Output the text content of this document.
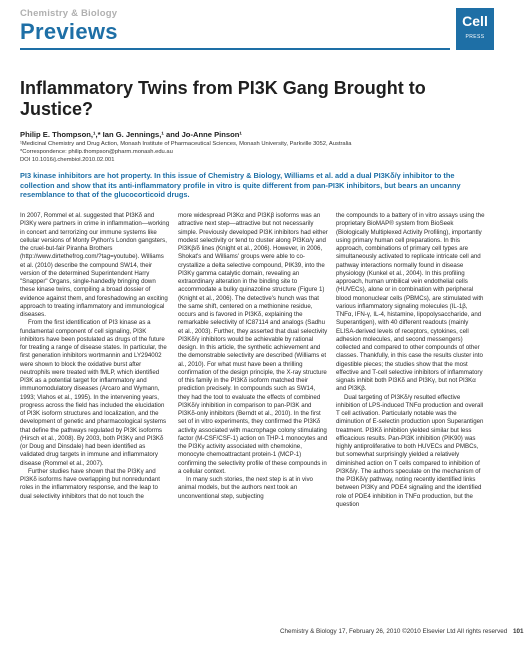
Chemistry & Biology
Previews	Cell
PRESS
Inflammatory Twins from PI3K Gang Brought to Justice?
Philip E. Thompson,¹,* Ian G. Jennings,¹ and Jo-Anne Pinson¹
¹Medicinal Chemistry and Drug Action, Monash Institute of Pharmaceutical Sciences, Monash University, Parkville 3052, Australia
*Correspondence: philip.thompson@pharm.monash.edu.au
DOI 10.1016/j.chembiol.2010.02.001
PI3 kinase inhibitors are hot property. In this issue of Chemistry & Biology, Williams et al. add a dual PI3Kδ/γ inhibitor to the collection and show that its anti-inflammatory profile in vitro is quite different from pan-PI3K inhibitors, but bears an uncanny resemblance to that of the glucocorticoid drugs.

In 2007, Rommel et al. suggested that PI3Kδ and PI3Kγ were partners in crime in inflammation—working in concert and terrorizing our immune systems like cellular versions of Monty Python's London gangsters, the cruel-but-fair Piranha Brothers (http://www.dirtethefrog.com/?tag=youtube). Williams et al. (2010) describe the compound SW14, their version of the determined Superintendent Harry "Snapper" Organs, single-handedly bringing down these kinase twins, compiling a broad dossier of evidence against them, and foreshadowing an exciting approach to treating inflammatory and immunological diseases.

From the first identification of PI3 kinase as a fundamental component of cell signaling, PI3K inhibitors have been postulated as drugs of the future for treating a range of disease states. In particular, the first generation inhibitors wortmannin and LY294002 were shown to block the oxidative burst after neutrophils were treated with fMLP, which identified PI3K as a potential target for inflammatory and immunomodulatory diseases (Arcaro and Wymann, 1993; Vlahos et al., 1995). In the intervening years, progress across the field has included the elucidation of PI3K isoform structures and localization, and the development of genetic and pharmacological systems that define the pathways regulated by PI3K isoforms (Hirsch et al., 2008). By 2003, both PI3Kγ and PI3Kδ (or Doug and Dinsdale) had been identified as validated drug targets in immune and inflammatory disease (Rommel et al., 2007).

Further studies have shown that the PI3Kγ and PI3Kδ isoforms have overlapping but nonredundant roles in the inflammatory response, and the leap to dual selectivity inhibitors that do not touch the

more widespread PI3Kα and PI3Kβ isoforms was an attractive next step—attractive but not necessarily simple. Previously developed PI3K inhibitors had either modest selectivity or tend to cluster along PI3Kα/γ and PI3Kβ/δ lines (Knight et al., 2006). However, in 2006, Shokat's and Williams' groups were able to co-crystallize a delta selective compound, PIK39, into the PI3Kγ gamma catalytic domain, revealing an extraordinary alteration in the binding site to accommodate a bulky quinazoline structure (Figure 1) (Knight et al., 2006). The detective's hunch was that the same shift, centered on a methionine residue, occurs and is favored in PI3Kδ, explaining the remarkable selectivity of IC87114 and analogs (Sadhu et al., 2003). Further, they asserted that dual selectivity PI3Kδ/γ inhibitors would be achievable by rational design. In this article, the synthetic achievement and the demonstrable selectivity are described (Williams et al., 2010). For what must have been a thrilling confirmation of the design principle, the X-ray structure of this family in the PI3Kδ isoform matched their prediction precisely. In compounds such as SW14, they had the tool to evaluate the effects of combined PI3Kδ/γ inhibition in comparison to pan-PI3K and PI3Kδ-only inhibitors (Berndt et al., 2010). In the first set of in vitro experiments, they confirmed the PI3Kδ activity associated with macrophage colony stimulating factor (M-CSF/CSF-1) action on THP-1 monocytes and the PI3Kγ activity associated with chemokine, monocyte chemoattractant protein-1 (MCP-1) confirming the selectivity profile of these compounds in a cellular context.

In many such stories, the next step is at in vivo animal models, but the authors next took an unconventional step, subjecting

the compounds to a battery of in vitro assays using the proprietary BioMAP® system from BioSeek (Biologically Multiplexed Activity Profiling), importantly using primary human cell preparations. In this approach, combinations of primary cell types are simultaneously activated to replicate intricate cell and pathway interactions normally found in disease physiology (Kunkel et al., 2004). In this profiling approach, human umbilical vein endothelial cells (HUVECs), alone or in combination with peripheral blood mononuclear cells (PBMCs), are stimulated with various inflammatory signaling molecules (IL-1β, TNFα, IFN-γ, IL-4, histamine, lipopolysaccharide, and Superantigen), with 40 different readouts (mainly ELISA-derived levels of receptors, cytokines, cell adhesion molecules, and second messengers) collected and compared to other compounds of other classes. Thankfully, in this case the results cluster into digestible pieces; the studies show that the most effective and T-cell selective inhibitors of inflammatory signals inhibit both PI3Kδ and PI3Kγ, but not PI3Kα and PI3Kβ.

Dual targeting of PI3Kδ/γ resulted effective inhibition of LPS-induced TNFα production and overall T cell activation. Particularly notable was the diminution of E-selectin production upon Superantigen treatment. PI3Kδ inhibition yielded similar but less efficacious results. Pan-PI3K inhibition (PIK90) was highly antiproliferative to both HUVECs and PMBCs, but somewhat surprisingly yielded a relatively diminished action on T cells compared to inhibition of PI3Kδ/γ. The authors speculate on the mechanism of the PI3Kδ/γ pathway, noting recently identified links between PI3Kγ and PDE4 signaling and the identified role of PDE4 inhibition in TNFα production, but the question

Chemistry & Biology 17, February 26, 2010 ©2010 Elsevier Ltd All rights reserved 101
